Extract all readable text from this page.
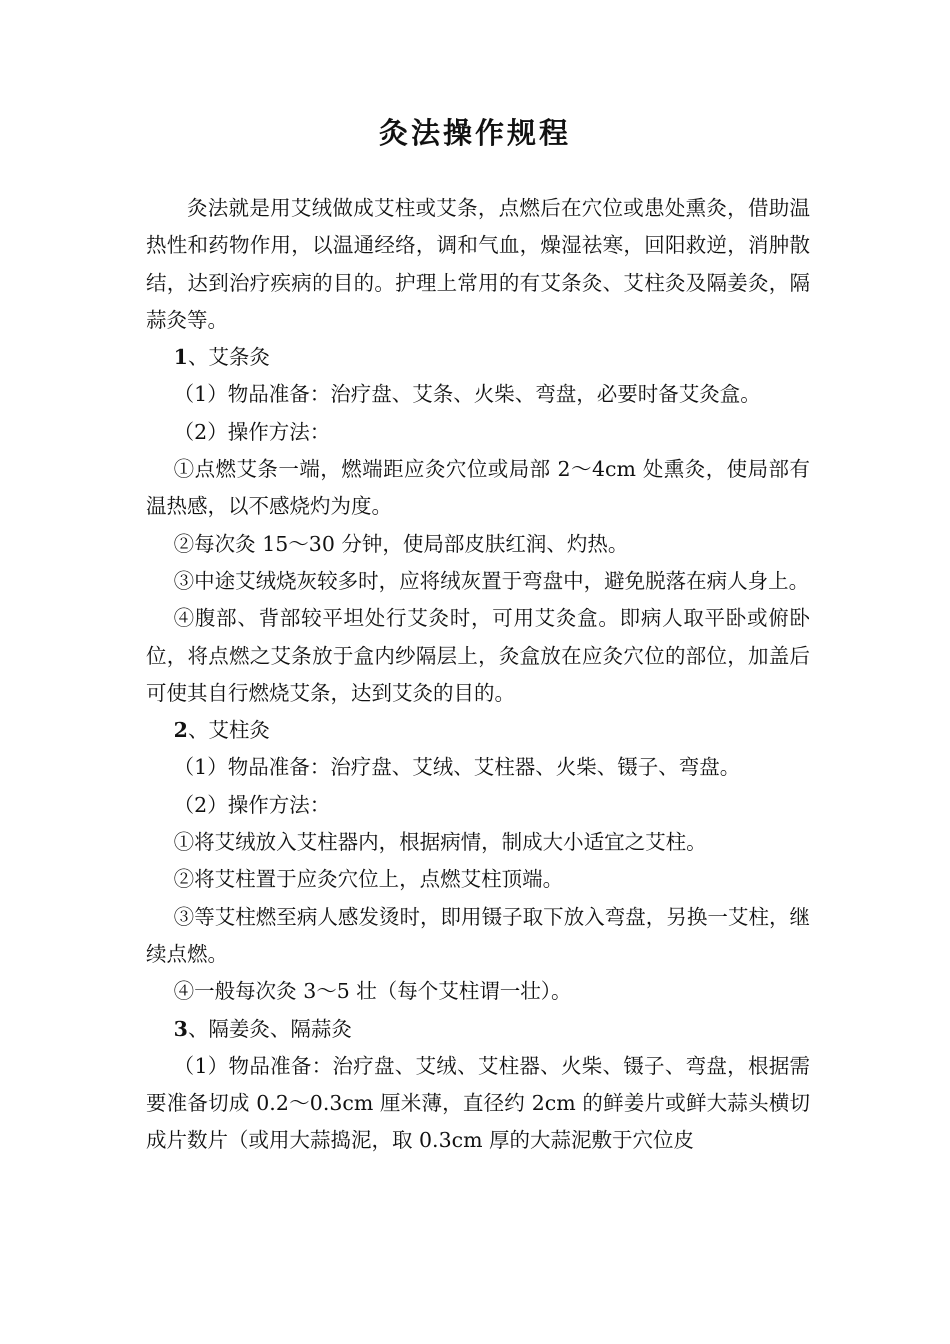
灸法操作规程

灸法就是用艾绒做成艾柱或艾条，点燃后在穴位或患处熏灸，借助温热性和药物作用，以温通经络，调和气血，燥湿祛寒，回阳救逆，消肿散结，达到治疗疾病的目的。护理上常用的有艾条灸、艾柱灸及隔姜灸，隔蒜灸等。

1、艾条灸

（1）物品准备：治疗盘、艾条、火柴、弯盘，必要时备艾灸盒。

（2）操作方法：

①点燃艾条一端，燃端距应灸穴位或局部 2～4cm 处熏灸，使局部有温热感，以不感烧灼为度。

②每次灸 15～30 分钟，使局部皮肤红润、灼热。

③中途艾绒烧灰较多时，应将绒灰置于弯盘中，避免脱落在病人身上。

④腹部、背部较平坦处行艾灸时，可用艾灸盒。即病人取平卧或俯卧位，将点燃之艾条放于盒内纱隔层上，灸盒放在应灸穴位的部位，加盖后可使其自行燃烧艾条，达到艾灸的目的。

2、艾柱灸

（1）物品准备：治疗盘、艾绒、艾柱器、火柴、镊子、弯盘。

（2）操作方法：

①将艾绒放入艾柱器内，根据病情，制成大小适宜之艾柱。

②将艾柱置于应灸穴位上，点燃艾柱顶端。

③等艾柱燃至病人感发烫时，即用镊子取下放入弯盘，另换一艾柱，继续点燃。

④一般每次灸 3～5 壮（每个艾柱谓一壮）。

3、隔姜灸、隔蒜灸

（1）物品准备：治疗盘、艾绒、艾柱器、火柴、镊子、弯盘，根据需要准备切成 0.2～0.3cm 厘米薄，直径约 2cm 的鲜姜片或鲜大蒜头横切成片数片（或用大蒜捣泥，取 0.3cm 厚的大蒜泥敷于穴位皮
